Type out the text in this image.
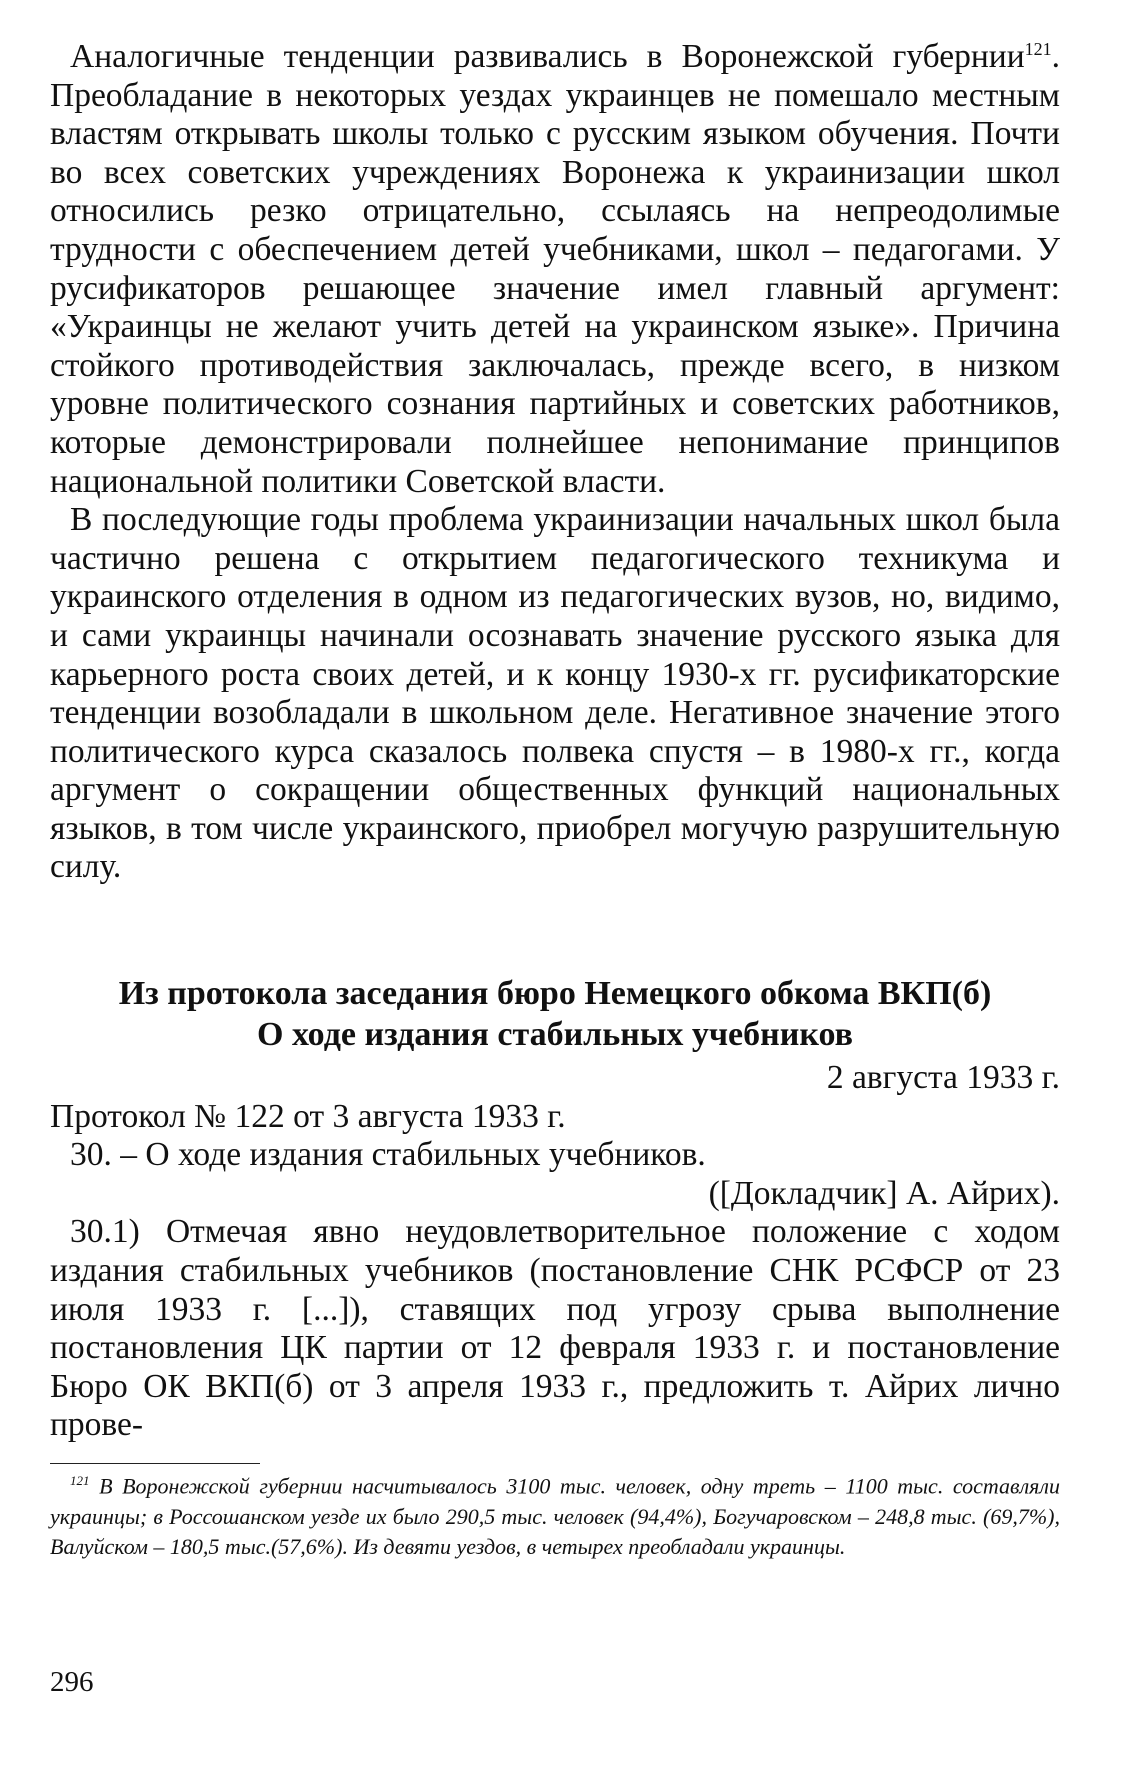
Аналогичные тенденции развивались в Воронежской губернии$^{121}$. Преобладание в некоторых уездах украинцев не помешало местным властям открывать школы только с русским языком обучения. Почти во всех советских учреждениях Воронежа к украинизации школ относились резко отрицательно, ссылаясь на непреодолимые трудности с обеспечением детей учебниками, школ – педагогами. У русификаторов решающее значение имел главный аргумент: «Украинцы не желают учить детей на украинском языке». Причина стойкого противодействия заключалась, прежде всего, в низком уровне политического сознания партийных и советских работников, которые демонстрировали полнейшее непонимание принципов национальной политики Советской власти.

В последующие годы проблема украинизации начальных школ была частично решена с открытием педагогического техникума и украинского отделения в одном из педагогических вузов, но, видимо, и сами украинцы начинали осознавать значение русского языка для карьерного роста своих детей, и к концу 1930-х гг. русификаторские тенденции возобладали в школьном деле. Негативное значение этого политического курса сказалось полвека спустя – в 1980-х гг., когда аргумент о сокращении общественных функций национальных языков, в том числе украинского, приобрел могучую разрушительную силу.

Из протокола заседания бюро Немецкого обкома ВКП(б)
О ходе издания стабильных учебников
2 августа 1933 г.
Протокол № 122 от 3 августа 1933 г.
30. – О ходе издания стабильных учебников.
([Докладчик] А. Айрих).

30.1) Отмечая явно неудовлетворительное положение с ходом издания стабильных учебников (постановление СНК РСФСР от 23 июля 1933 г. [...]), ставящих под угрозу срыва выполнение постановления ЦК партии от 12 февраля 1933 г. и постановление Бюро ОК ВКП(б) от 3 апреля 1933 г., предложить т. Айрих лично прове-

$^{121}$ В Воронежской губернии насчитывалось 3100 тыс. человек, одну треть – 1100 тыс. составляли украинцы; в Россошанском уезде их было 290,5 тыс. человек (94,4%), Богучаровском – 248,8 тыс. (69,7%), Валуйском – 180,5 тыс.(57,6%). Из девяти уездов, в четырех преобладали украинцы.
296
